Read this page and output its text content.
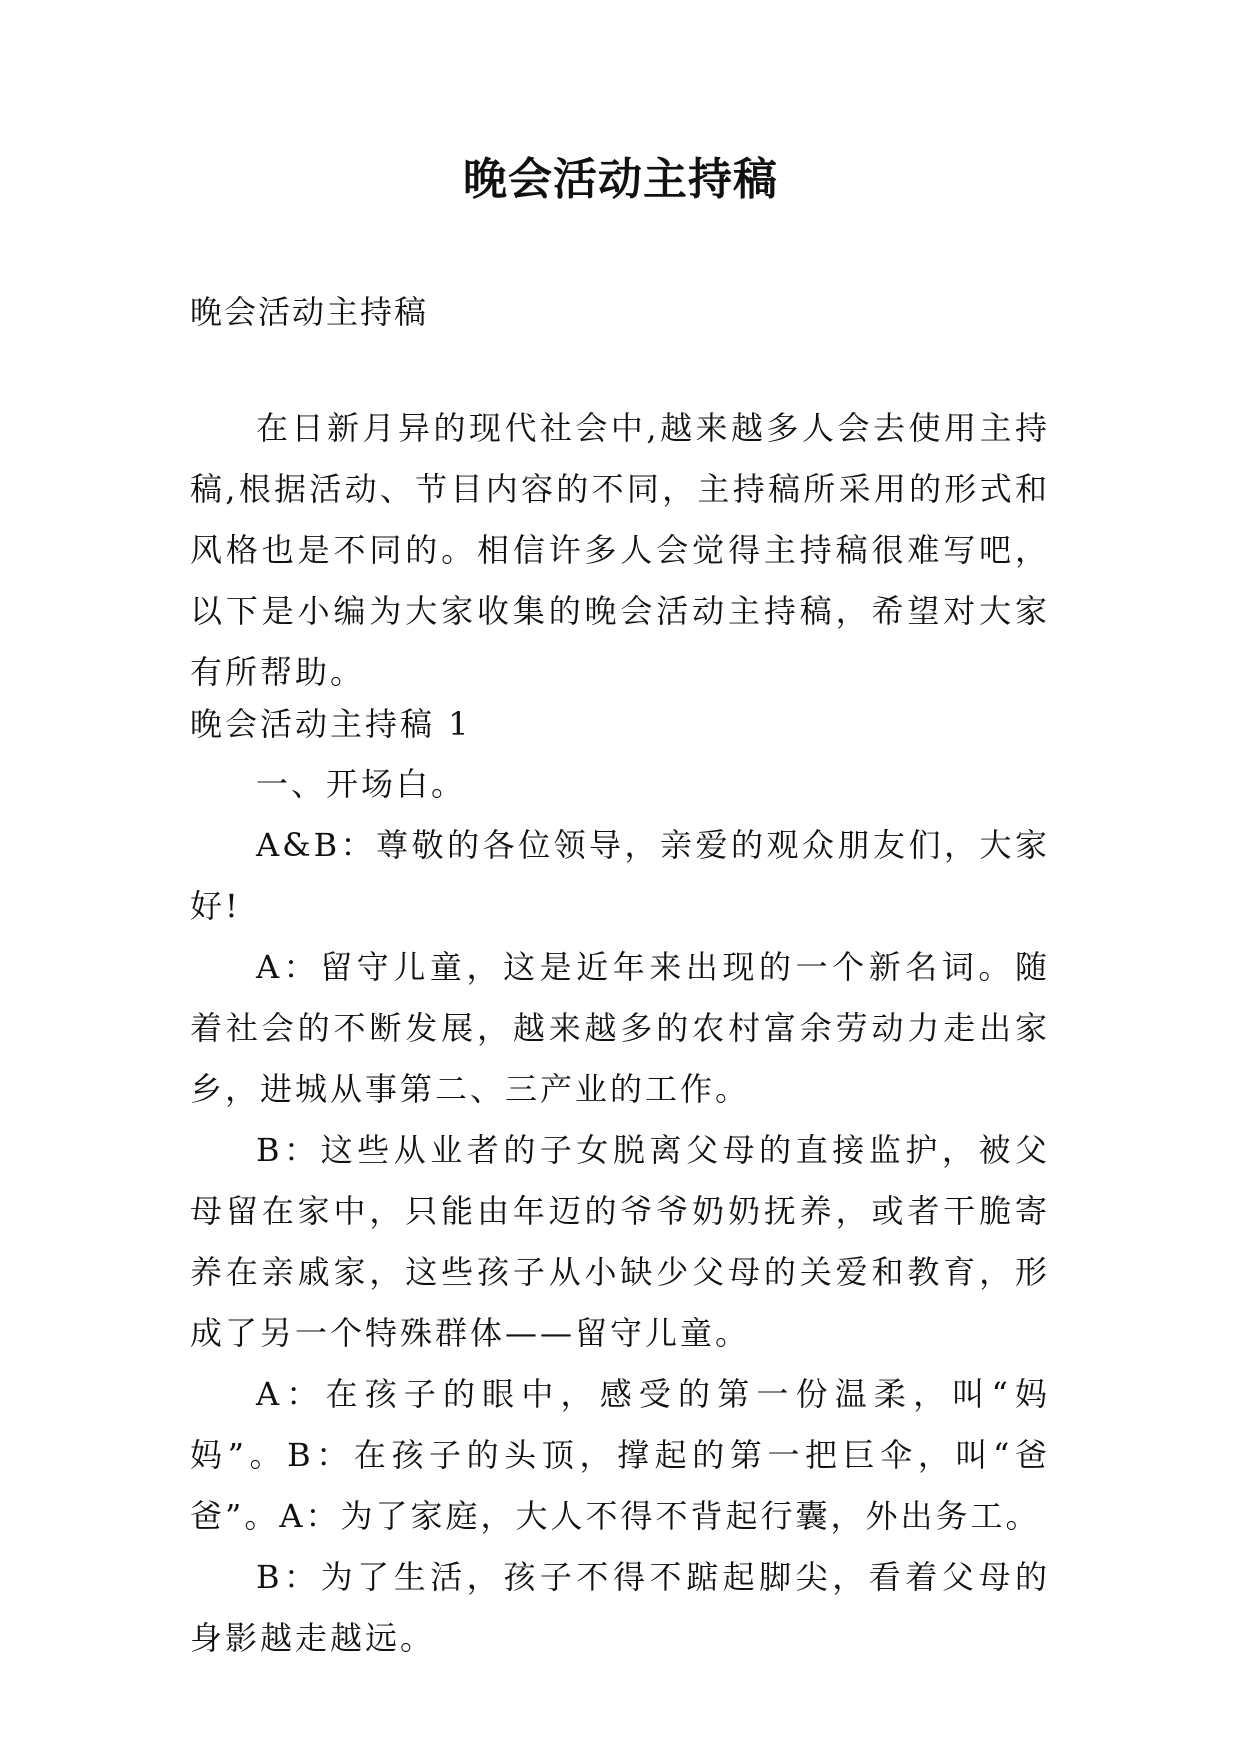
晚会活动主持稿
晚会活动主持稿

在日新月异的现代社会中,越来越多人会去使用主持稿,根据活动、节目内容的不同，主持稿所采用的形式和风格也是不同的。相信许多人会觉得主持稿很难写吧，以下是小编为大家收集的晚会活动主持稿，希望对大家有所帮助。

晚会活动主持稿 1

一、开场白。

A&B：尊敬的各位领导，亲爱的观众朋友们，大家好!

A：留守儿童，这是近年来出现的一个新名词。随着社会的不断发展，越来越多的农村富余劳动力走出家乡，进城从事第二、三产业的工作。

B：这些从业者的子女脱离父母的直接监护，被父母留在家中，只能由年迈的爷爷奶奶抚养，或者干脆寄养在亲戚家，这些孩子从小缺少父母的关爱和教育，形成了另一个特殊群体——留守儿童。

A：在孩子的眼中，感受的第一份温柔，叫“妈妈”。B：在孩子的头顶，撑起的第一把巨伞，叫“爸爸”。A：为了家庭，大人不得不背起行囊，外出务工。

B：为了生活，孩子不得不踮起脚尖，看着父母的身影越走越远。
